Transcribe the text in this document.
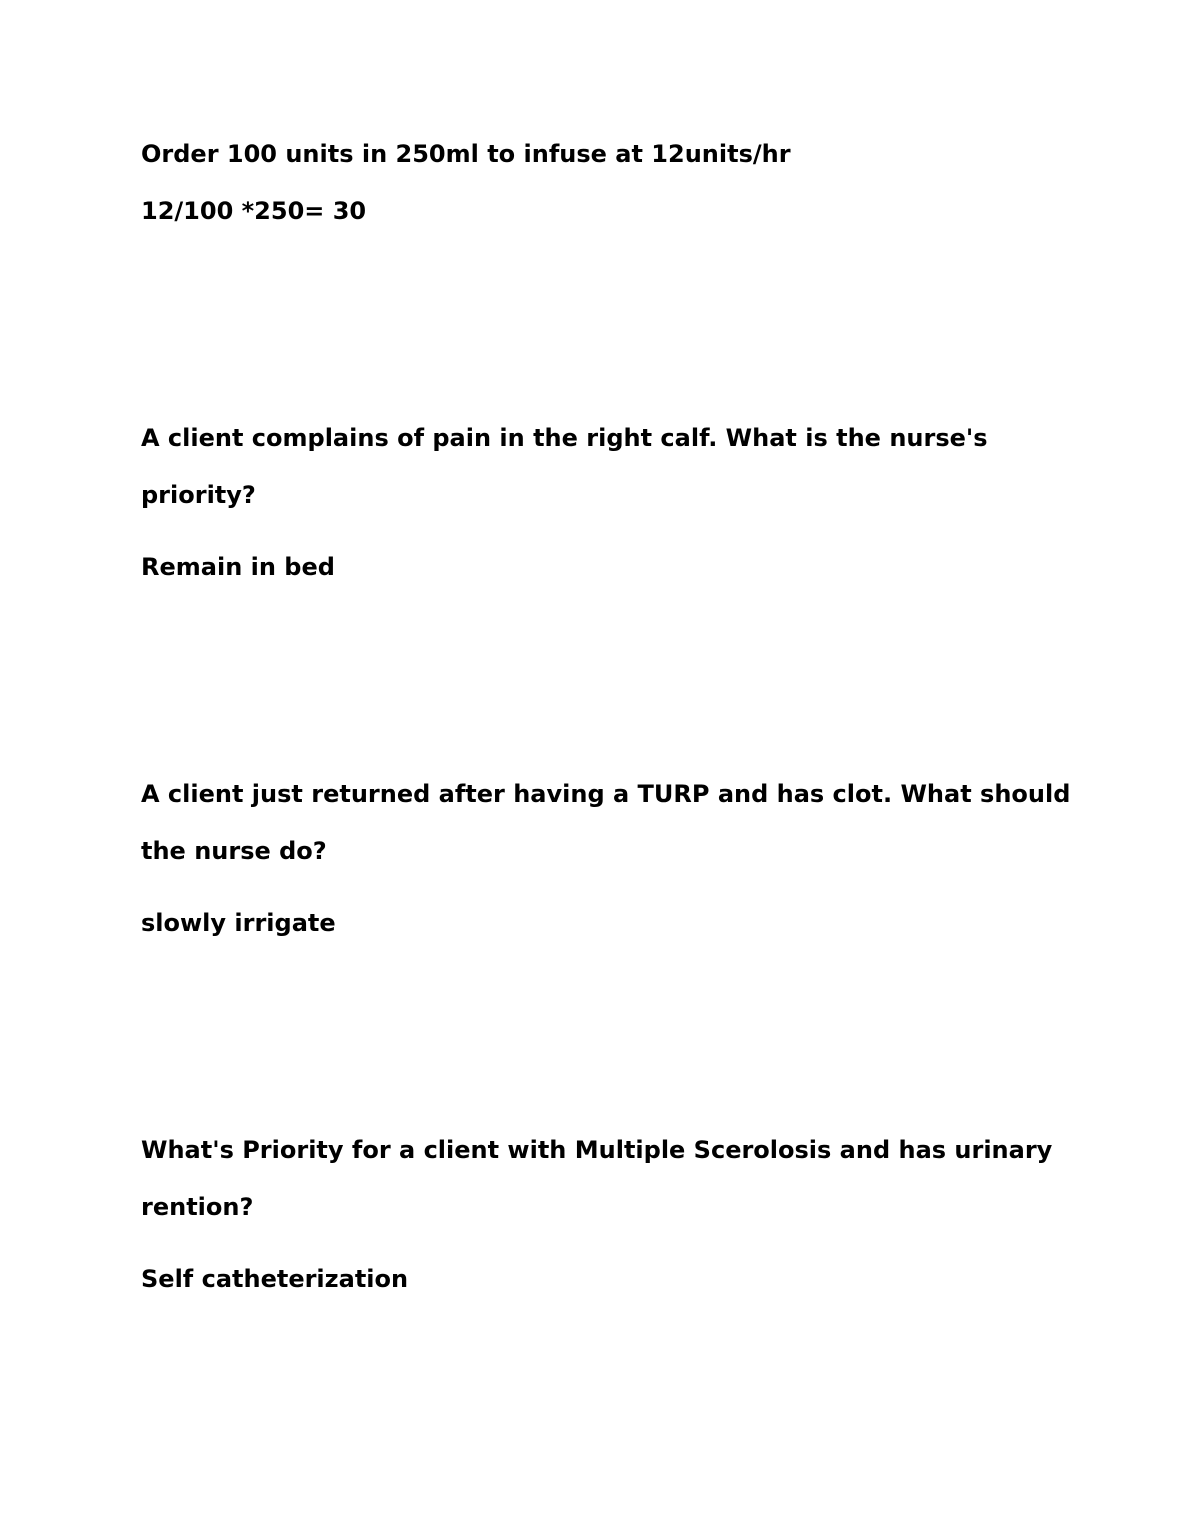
Order 100 units in 250ml to infuse at 12units/hr
12/100 *250= 30
A client complains of pain in the right calf. What is the nurse's
priority?
Remain in bed
A client just returned after having a TURP and has clot. What should
the nurse do?
slowly irrigate
What's Priority for a client with Multiple Scerolosis and has urinary
rention?
Self catheterization
